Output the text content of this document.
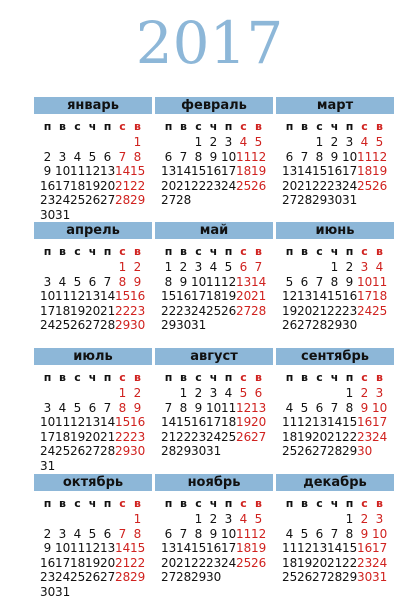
2017
январь
п в с ч п с в
1
2 3 4 5 6 7 8
9 10 11 12 13 14 15
16 17 18 19 20 21 22
23 24 25 26 27 28 29
30 31
февраль
п в с ч п с в
1 2 3 4 5
6 7 8 9 10 11 12
13 14 15 16 17 18 19
20 21 22 23 24 25 26
27 28
март
п в с ч п с в
1 2 3 4 5
6 7 8 9 10 11 12
13 14 15 16 17 18 19
20 21 22 23 24 25 26
27 28 29 30 31
апрель
п в с ч п с в
1 2
3 4 5 6 7 8 9
10 11 12 13 14 15 16
17 18 19 20 21 22 23
24 25 26 27 28 29 30
май
п в с ч п с в
1 2 3 4 5 6 7
8 9 10 11 12 13 14
15 16 17 18 19 20 21
22 23 24 25 26 27 28
29 30 31
июнь
п в с ч п с в
1 2 3 4
5 6 7 8 9 10 11
12 13 14 15 16 17 18
19 20 21 22 23 24 25
26 27 28 29 30
июль
п в с ч п с в
1 2
3 4 5 6 7 8 9
10 11 12 13 14 15 16
17 18 19 20 21 22 23
24 25 26 27 28 29 30
31
август
п в с ч п с в
1 2 3 4 5 6
7 8 9 10 11 12 13
14 15 16 17 18 19 20
21 22 23 24 25 26 27
28 29 30 31
сентябрь
п в с ч п с в
1 2 3
4 5 6 7 8 9 10
11 12 13 14 15 16 17
18 19 20 21 22 23 24
25 26 27 28 29 30
октябрь
п в с ч п с в
1
2 3 4 5 6 7 8
9 10 11 12 13 14 15
16 17 18 19 20 21 22
23 24 25 26 27 28 29
30 31
ноябрь
п в с ч п с в
1 2 3 4 5
6 7 8 9 10 11 12
13 14 15 16 17 18 19
20 21 22 23 24 25 26
27 28 29 30
декабрь
п в с ч п с в
1 2 3
4 5 6 7 8 9 10
11 12 13 14 15 16 17
18 19 20 21 22 23 24
25 26 27 28 29 30 31
